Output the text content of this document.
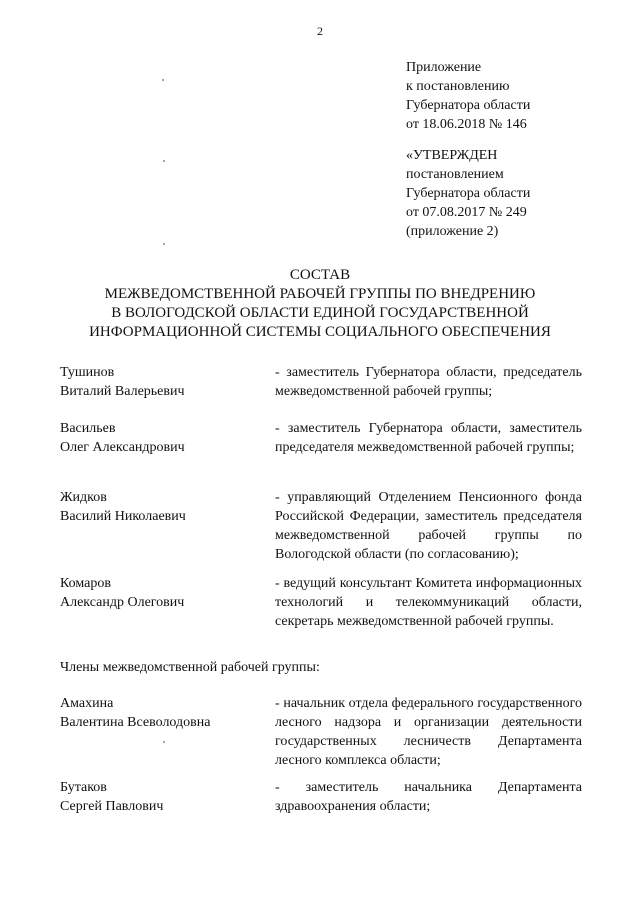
2
Приложение
к постановлению
Губернатора области
от 18.06.2018 № 146
«УТВЕРЖДЕН
постановлением
Губернатора области
от 07.08.2017 № 249
(приложение 2)
СОСТАВ
МЕЖВЕДОМСТВЕННОЙ РАБОЧЕЙ ГРУППЫ ПО ВНЕДРЕНИЮ
В ВОЛОГОДСКОЙ ОБЛАСТИ ЕДИНОЙ ГОСУДАРСТВЕННОЙ
ИНФОРМАЦИОННОЙ СИСТЕМЫ СОЦИАЛЬНОГО ОБЕСПЕЧЕНИЯ
Тушинов
Виталий Валерьевич
- заместитель Губернатора области, председатель межведомственной рабочей группы;
Васильев
Олег Александрович
- заместитель Губернатора области, заместитель председателя межведомственной рабочей группы;
Жидков
Василий Николаевич
- управляющий Отделением Пенсионного фонда Российской Федерации, заместитель председателя межведомственной рабочей группы по Вологодской области (по согласованию);
Комаров
Александр Олегович
- ведущий консультант Комитета информационных технологий и телекоммуникаций области, секретарь межведомственной рабочей группы.
Члены межведомственной рабочей группы:
Амахина
Валентина Всеволодовна
- начальник отдела федерального государственного лесного надзора и организации деятельности государственных лесничеств Департамента лесного комплекса области;
Бутаков
Сергей Павлович
- заместитель начальника Департамента здравоохранения области;
